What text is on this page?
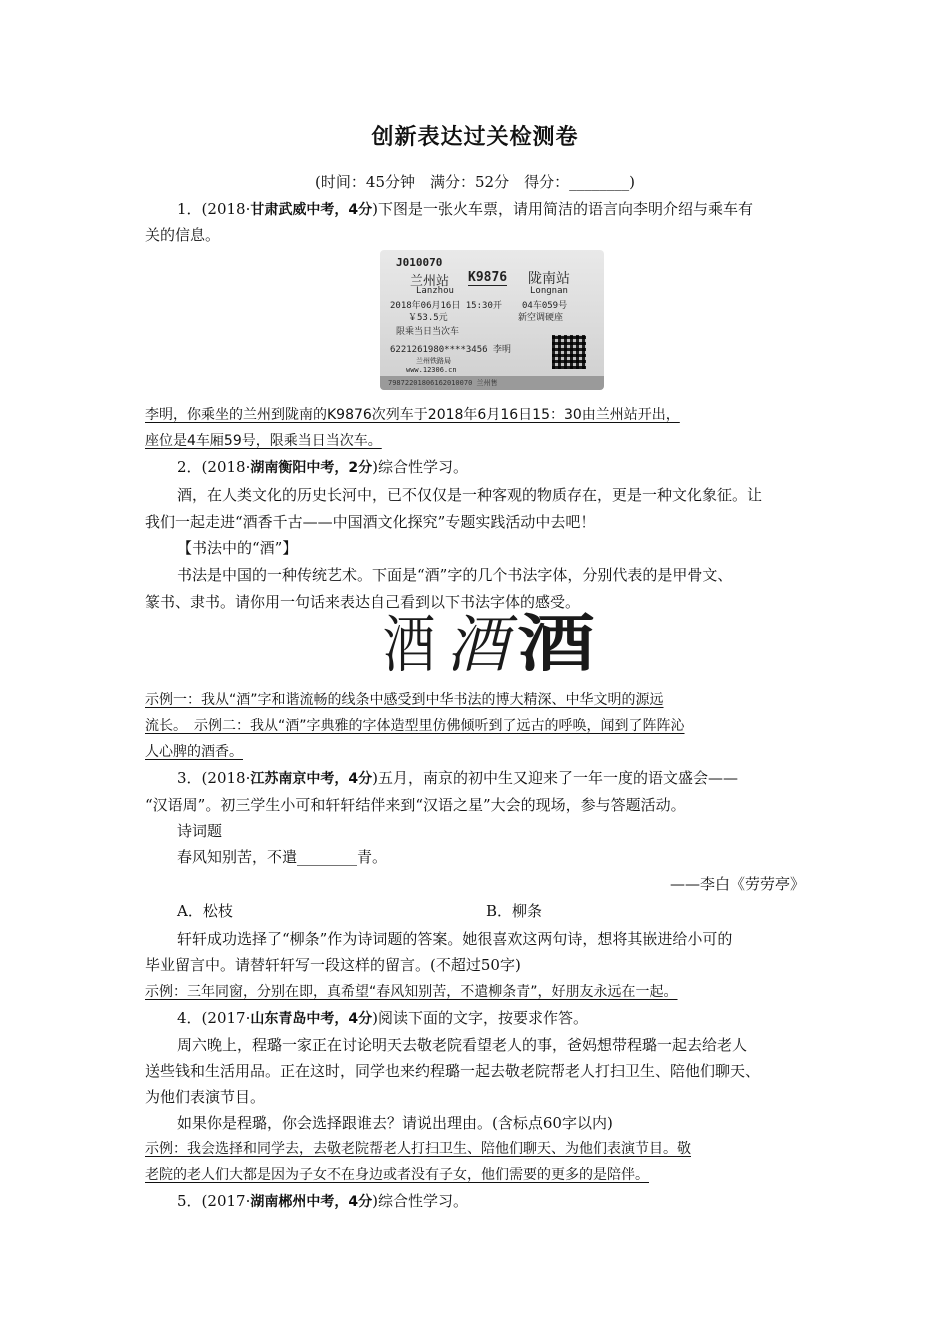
创新表达过关检测卷
(时间：45分钟　满分：52分　得分：________)
1．(2018·甘肃武威中考，4分)下图是一张火车票，请用简洁的语言向李明介绍与乘车有
关的信息。
J010070
兰州站 K9876 陇南站
Lanzhou	Longnan
2018年06月16日 15:30开 04车059号
￥53.5元	新空调硬座
限乘当日当次车
6221261980****3456 李明
兰州铁路局
www.12306.cn
79872201806162010070 兰州售
李明，你乘坐的兰州到陇南的K9876次列车于2018年6月16日15：30由兰州站开出，
座位是4车厢59号，限乘当日当次车。
2．(2018·湖南衡阳中考，2分)综合性学习。
酒，在人类文化的历史长河中，已不仅仅是一种客观的物质存在，更是一种文化象征。让
我们一起走进“酒香千古——中国酒文化探究”专题实践活动中去吧！
【书法中的“酒”】
书法是中国的一种传统艺术。下面是“酒”字的几个书法字体，分别代表的是甲骨文、
篆书、隶书。请你用一句话来表达自己看到以下书法字体的感受。
酒 酒 酒
示例一：我从“酒”字和谐流畅的线条中感受到中华书法的博大精深、中华文明的源远
流长。　示例二：我从“酒”字典雅的字体造型里仿佛倾听到了远古的呼唤，闻到了阵阵沁
人心脾的酒香。
3．(2018·江苏南京中考，4分)五月，南京的初中生又迎来了一年一度的语文盛会——
“汉语周”。初三学生小可和轩轩结伴来到“汉语之星”大会的现场，参与答题活动。
诗词题
春风知别苦，不遣________青。
——李白《劳劳亭》
A．松枝	B．柳条
轩轩成功选择了“柳条”作为诗词题的答案。她很喜欢这两句诗，想将其嵌进给小可的
毕业留言中。请替轩轩写一段这样的留言。(不超过50字)
示例：三年同窗，分别在即，真希望“春风知别苦，不遣柳条青”，好朋友永远在一起。
4．(2017·山东青岛中考，4分)阅读下面的文字，按要求作答。
周六晚上，程璐一家正在讨论明天去敬老院看望老人的事，爸妈想带程璐一起去给老人
送些钱和生活用品。正在这时，同学也来约程璐一起去敬老院帮老人打扫卫生、陪他们聊天、
为他们表演节目。
如果你是程璐，你会选择跟谁去？请说出理由。(含标点60字以内)
示例：我会选择和同学去，去敬老院帮老人打扫卫生、陪他们聊天、为他们表演节目。敬
老院的老人们大都是因为子女不在身边或者没有子女，他们需要的更多的是陪伴。
5．(2017·湖南郴州中考，4分)综合性学习。
